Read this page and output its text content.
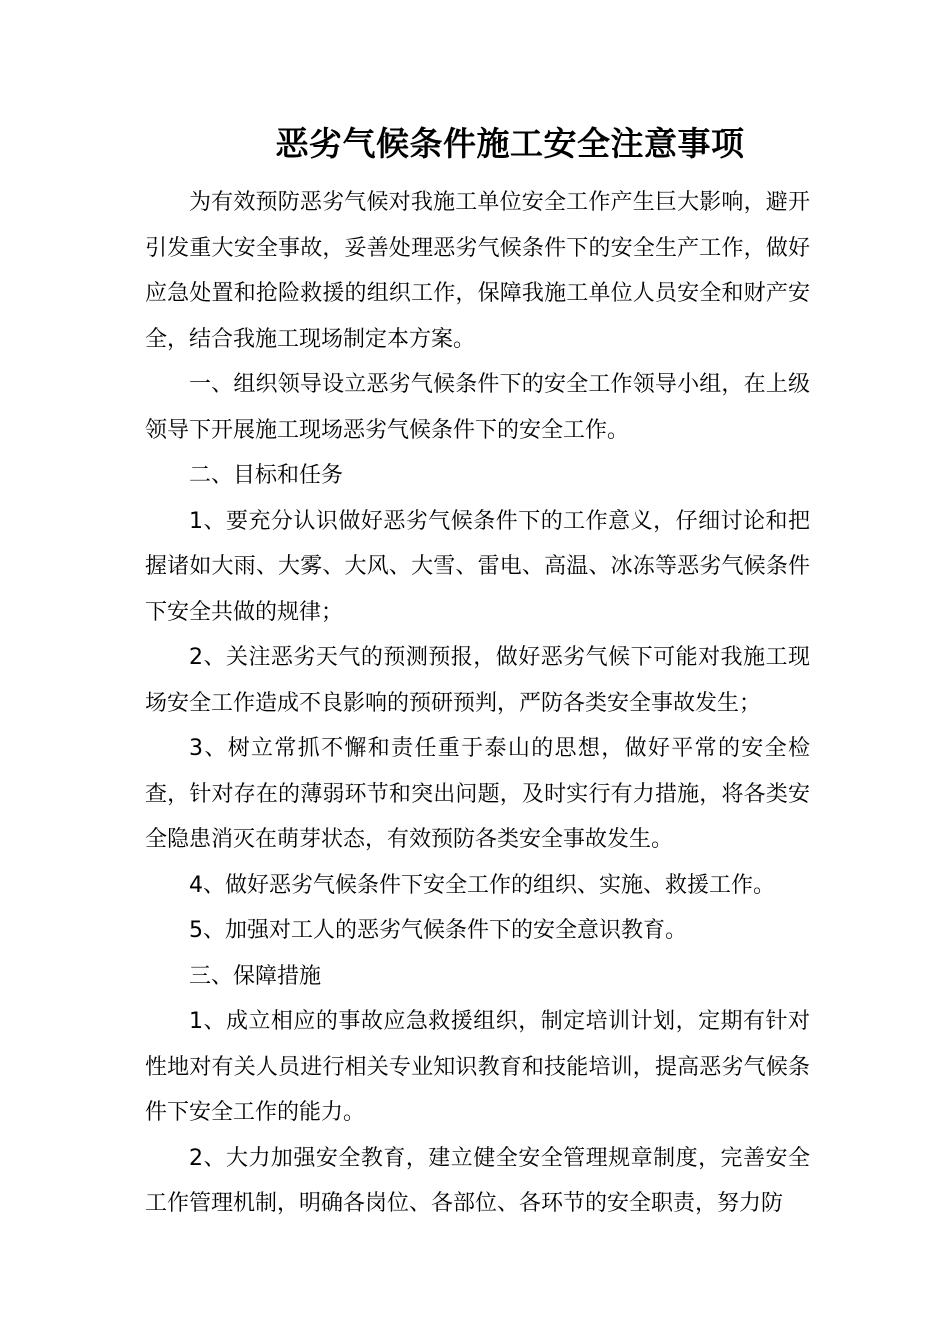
恶劣气候条件施工安全注意事项

为有效预防恶劣气候对我施工单位安全工作产生巨大影响，避开引发重大安全事故，妥善处理恶劣气候条件下的安全生产工作，做好应急处置和抢险救援的组织工作，保障我施工单位人员安全和财产安全，结合我施工现场制定本方案。

一、组织领导设立恶劣气候条件下的安全工作领导小组，在上级领导下开展施工现场恶劣气候条件下的安全工作。

二、目标和任务

1、要充分认识做好恶劣气候条件下的工作意义，仔细讨论和把握诸如大雨、大雾、大风、大雪、雷电、高温、冰冻等恶劣气候条件下安全共做的规律；

2、关注恶劣天气的预测预报，做好恶劣气候下可能对我施工现场安全工作造成不良影响的预研预判，严防各类安全事故发生；

3、树立常抓不懈和责任重于泰山的思想，做好平常的安全检查，针对存在的薄弱环节和突出问题，及时实行有力措施，将各类安全隐患消灭在萌芽状态，有效预防各类安全事故发生。

4、做好恶劣气候条件下安全工作的组织、实施、救援工作。

5、加强对工人的恶劣气候条件下的安全意识教育。

三、保障措施

1、成立相应的事故应急救援组织，制定培训计划，定期有针对性地对有关人员进行相关专业知识教育和技能培训，提高恶劣气候条件下安全工作的能力。

2、大力加强安全教育，建立健全安全管理规章制度，完善安全工作管理机制，明确各岗位、各部位、各环节的安全职责，努力防
